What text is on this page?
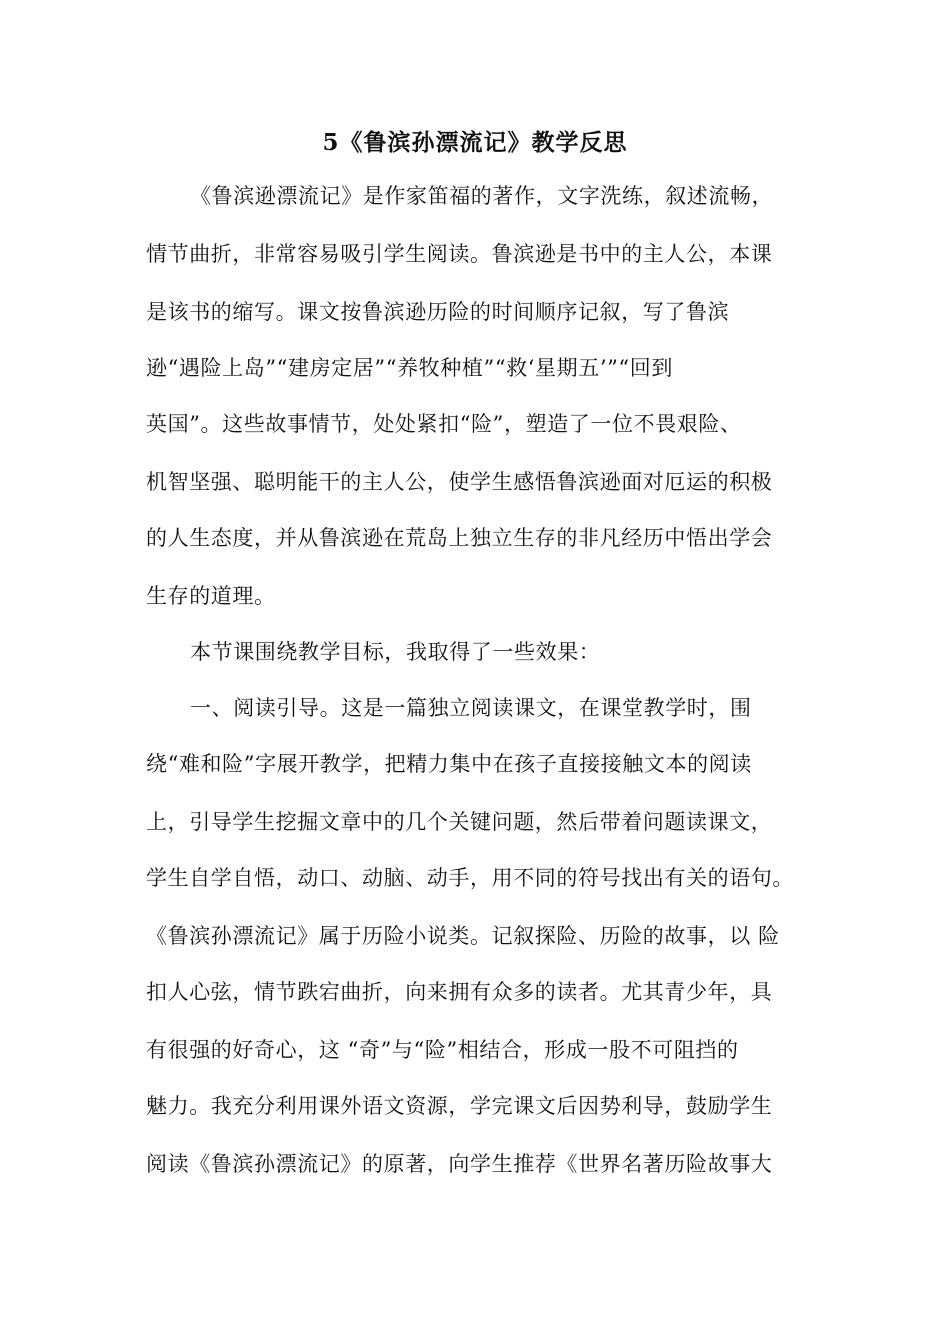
5《鲁滨孙漂流记》教学反思
《鲁滨逊漂流记》是作家笛福的著作，文字洗练，叙述流畅，
情节曲折，非常容易吸引学生阅读。鲁滨逊是书中的主人公，本课
是该书的缩写。课文按鲁滨逊历险的时间顺序记叙，写了鲁滨
逊“遇险上岛”“建房定居”“养牧种植”“救‘星期五’”“回到
英国”。这些故事情节，处处紧扣“险”，塑造了一位不畏艰险、
机智坚强、聪明能干的主人公，使学生感悟鲁滨逊面对厄运的积极
的人生态度，并从鲁滨逊在荒岛上独立生存的非凡经历中悟出学会
生存的道理。
本节课围绕教学目标，我取得了一些效果：
一、阅读引导。这是一篇独立阅读课文，在课堂教学时，围
绕“难和险”字展开教学，把精力集中在孩子直接接触文本的阅读
上，引导学生挖掘文章中的几个关键问题，然后带着问题读课文，
学生自学自悟，动口、动脑、动手，用不同的符号找出有关的语句。
《鲁滨孙漂流记》属于历险小说类。记叙探险、历险的故事，以 险
扣人心弦，情节跌宕曲折，向来拥有众多的读者。尤其青少年，具
有很强的好奇心，这 “奇”与“险”相结合，形成一股不可阻挡的
魅力。我充分利用课外语文资源，学完课文后因势利导，鼓励学生
阅读《鲁滨孙漂流记》的原著，向学生推荐《世界名著历险故事大
